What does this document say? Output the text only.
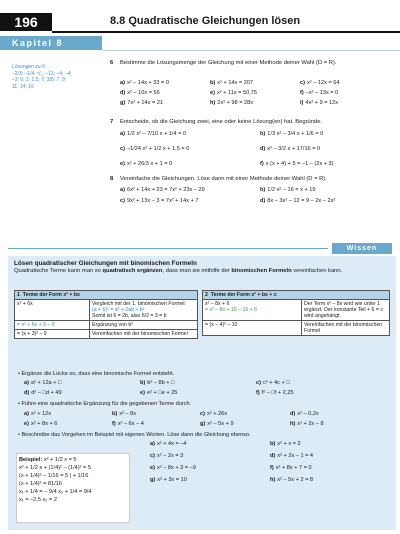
196	8.8 Quadratische Gleichungen lösen
Kapitel 8
Lösungen zu 6:
–2/3; –1/4; ⁸/₃; –13; –4; –4;
–3; 0; 2; 1,5; 7; 3/5; 7; 9;
11; 14; 16
6 Bestimme die Lösungsmenge der Gleichung mit einer Methode deiner Wahl (D = R).
a) x² – 14x + 33 = 0	b) x² + 14x = 207	c) x² – 12x = 64
d) x² – 10x = 56	e) x² + 11x = 50,75	f) –x² – 13x = 0
g) 7x² + 14x = 21	h) 2x² + 98 = 28x	i) 4x² + 9 = 12x
7 Entscheide, ob die Gleichung zwei, eine oder keine Lösung(en) hat. Begründe.
a) 1/2 x² – 7/10 x + 1/4 = 0	b) 1/3 x² – 3/4 x + 1/6 = 0
c) –1/24 x² + 1/2 x + 1,5 = 0	d) x² – 3/2 x + 17/16 = 0
e) x² + 26/3 x + 1 = 0	f) x (x + 4) + 5 = –1 – (2x + 3)
8 Vereinfache die Gleichungen. Löse dann mit einer Methode deiner Wahl (D = R).
a) 6x² + 14x + 23 = 7x² + 23x – 29	b) 1/2 x² – 16 = x + 19
c) 9x² + 13x – 3 = 7x² + 14x + 7	d) 8x – 3x² – 12 = 9 – 2x – 2x²
Wissen
Lösen quadratischer Gleichungen mit binomischen Formeln
Quadratische Terme kann man so quadratisch ergänzen, dass man sie mithilfe der binomischen Formeln vereinfachen kann.
1 Terme der Form x² + bx	
x² + 6x	Vergleich mit der 1. binomischen Formel:
(a + b)² = a² + 2ab + b²
Somit ist 6 = 2b, also 6/2 = 3 = b

= x² + 6x + 9 – 9	Ergänzung von b²
= (x + 3)² – 9	Vereinfachen mit der binomischen Formel
2 Terme der Form x² + bx + c	

x² – 8x + 6
= x² – 8x + 16 – 16 + 6	Der Term x² – 8x wird wie unter 1 ergänzt. Der konstante Teil + 6 = c wird angehängt.
= (x – 4)² – 10	Vereinfachen mit der binomischen Formel
• Ergänze die Lücke so, dass eine binomische Formel entsteht.
a) a² + 12a + □	b) b² – 8b + □	c) c² + 4c + □
d) d² – □d + 49	e) e² + □e + 25	f) f² – □f + 2,25
• Führe eine quadratische Ergänzung für die gegebenen Terme durch.
a) x² + 12x	b) x² – 8x	c) x² + 26x	d) x² – 0,2x
e) x² + 8x + 6	f) x² – 6x – 4	g) x² – 5x + 9	h) x² + 2x – 8
• Beschreibe das Vorgehen im Beispiel mit eigenen Worten. Löse dann die Gleichung ebenso.
Beispiel: x² + 1/2 x = 5
x² + 1/2 x + (1/4)² – (1/4)² = 5
(x + 1/4)² – 1/16 = 5 | + 1/16
(x + 1/4)² = 81/16
x₁ + 1/4 = – 9/4 x₂ + 1/4 = 9/4
x₁ = –2,5 x₂ = 2
a) x² + 4x = –4	b) x² + x = 2
c) x² – 2x = 3	d) x² + 2x – 1 = 4
e) x² – 8x + 3 = –9	f) x² + 8x + 7 = 0
g) x² + 3x = 10	h) x² – 5x + 2 = 8
